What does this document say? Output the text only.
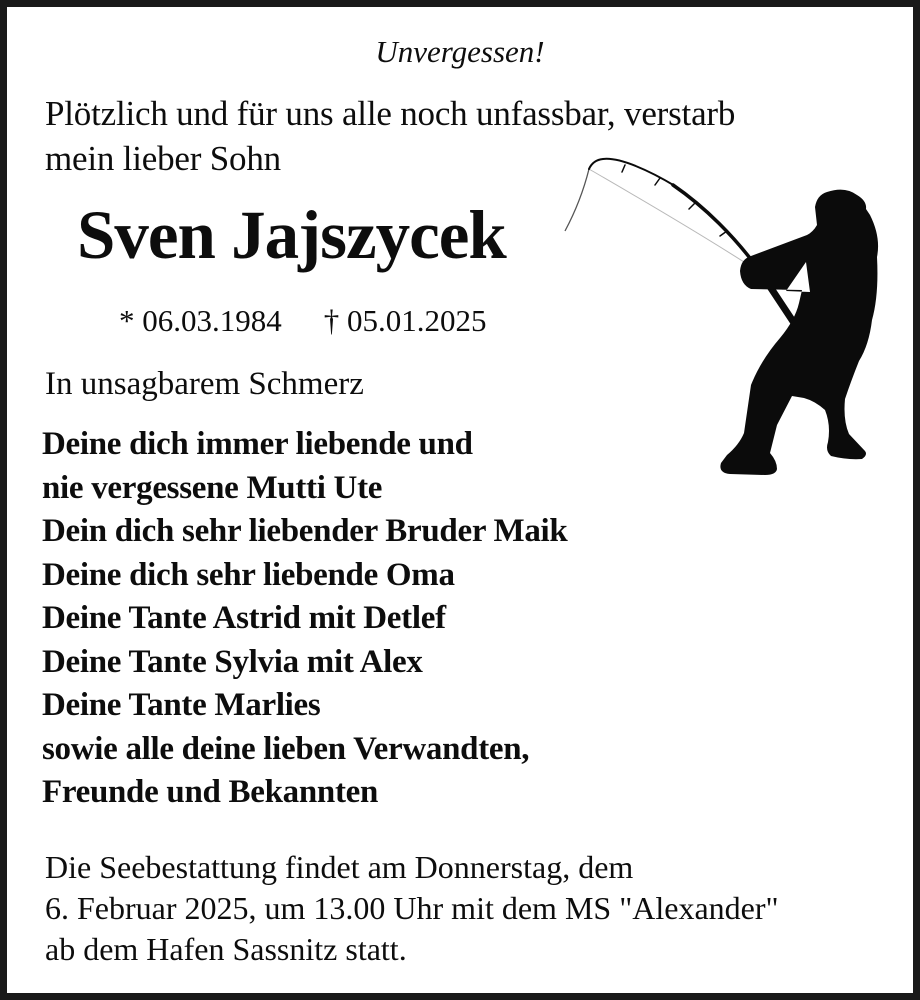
Unvergessen!
Plötzlich und für uns alle noch unfassbar, verstarb
mein lieber Sohn
Sven Jajszycek
* 06.03.1984 † 05.01.2025
In unsagbarem Schmerz
Deine dich immer liebende und
nie vergessene Mutti Ute
Dein dich sehr liebender Bruder Maik
Deine dich sehr liebende Oma
Deine Tante Astrid mit Detlef
Deine Tante Sylvia mit Alex
Deine Tante Marlies
sowie alle deine lieben Verwandten,
Freunde und Bekannten
Die Seebestattung findet am Donnerstag, dem
6. Februar 2025, um 13.00 Uhr mit dem MS "Alexander"
ab dem Hafen Sassnitz statt.
